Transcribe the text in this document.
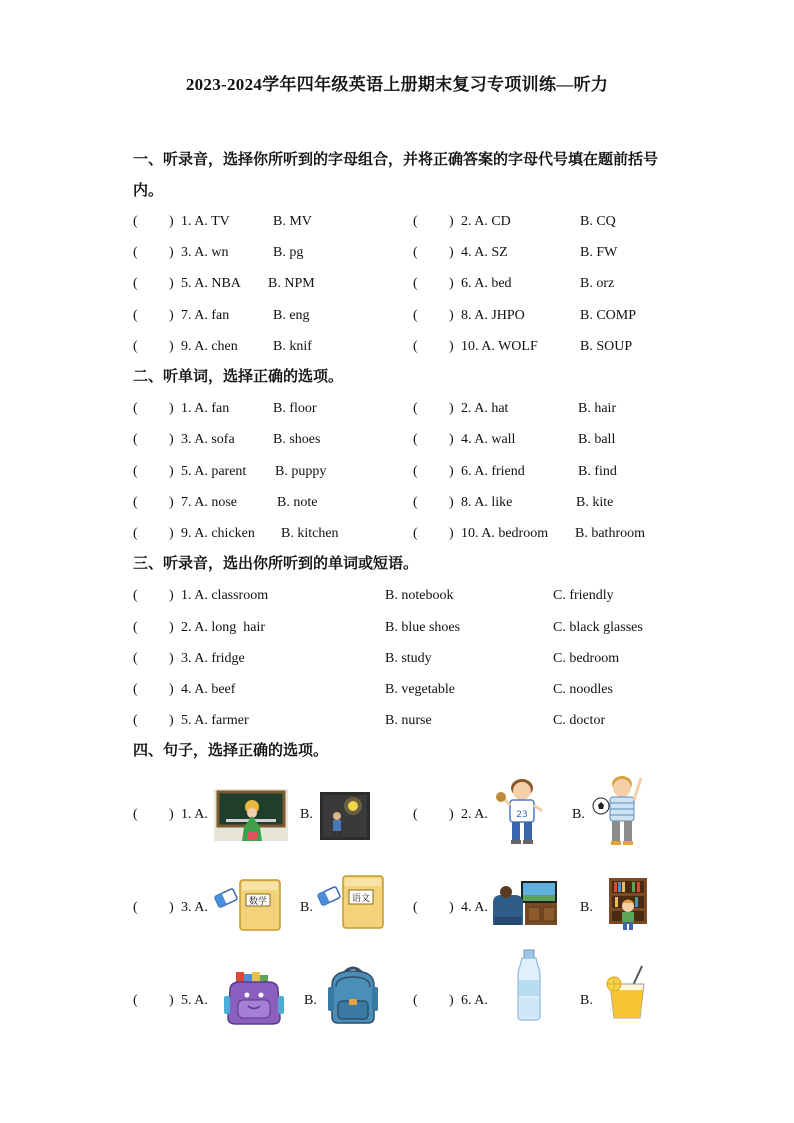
2023-2024学年四年级英语上册期末复习专项训练—听力
一、听录音，选择你所听到的字母组合，并将正确答案的字母代号填在题前括号内。
二、听单词，选择正确的选项。
三、听录音，选出你所听到的单词或短语。
四、句子，选择正确的选项。
( ) 1. A. TV	B. MV	( ) 2. A. CD	B. CQ
( ) 3. A. wn	B. pg	( ) 4. A. SZ	B. FW
( ) 5. A. NBA B. NPM	( ) 6. A. bed	B. orz
( ) 7. A. fan	B. eng	( ) 8. A. JHPO	B. COMP
( ) 9. A. chen	B. knif	( ) 10. A. WOLF	B. SOUP
( ) 1. A. fan	B. floor	( ) 2. A. hat	B. hair
( ) 3. A. sofa	B. shoes	( ) 4. A. wall	B. ball
( ) 5. A. parent B. puppy	( ) 6. A. friend	B. find
( ) 7. A. nose	B. note	( ) 8. A. like	B. kite
( ) 9. A. chicken B. kitchen	( ) 10. A. bedroom B. bathroom
( ) 1. A. classroom	B. notebook	C. friendly
( ) 2. A. long  hair	B. blue shoes	C. black glasses
( ) 3. A. fridge	B. study	C. bedroom
( ) 4. A. beef	B. vegetable	C. noodles
( ) 5. A. farmer	B. nurse	C. doctor
( ) 1. A.	B.	( ) 2. A.	B.
23
( ) 3. A.	B.	( ) 4. A.	B.
数学	语文
( ) 5. A.	B.	( ) 6. A.	B.
